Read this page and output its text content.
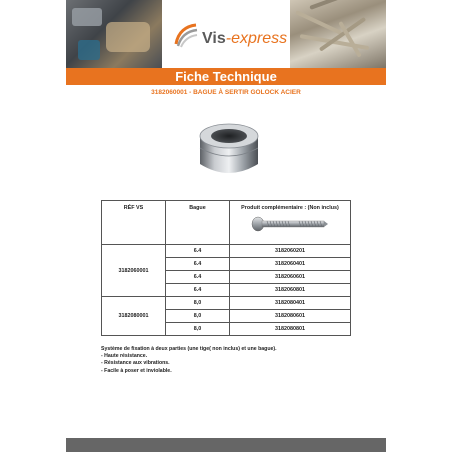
Vis-express
Fiche Technique
3182060001 - BAGUE À SERTIR GOLOCK ACIER
RÉF VS	Bague	Produit complémentaire : (Non inclus)

3182060001	6.4	3182060201
	6.4	3182060401
	6.4	3182060601
	6.4	3182060801
3182080001	8,0	3182080401
	8,0	3182080601
	8,0	3182080801
Système de fixation à deux parties (une tige( non inclus) et une bague).
- Haute résistance.
- Résistance aux vibrations.
- Facile à poser et inviolable.
